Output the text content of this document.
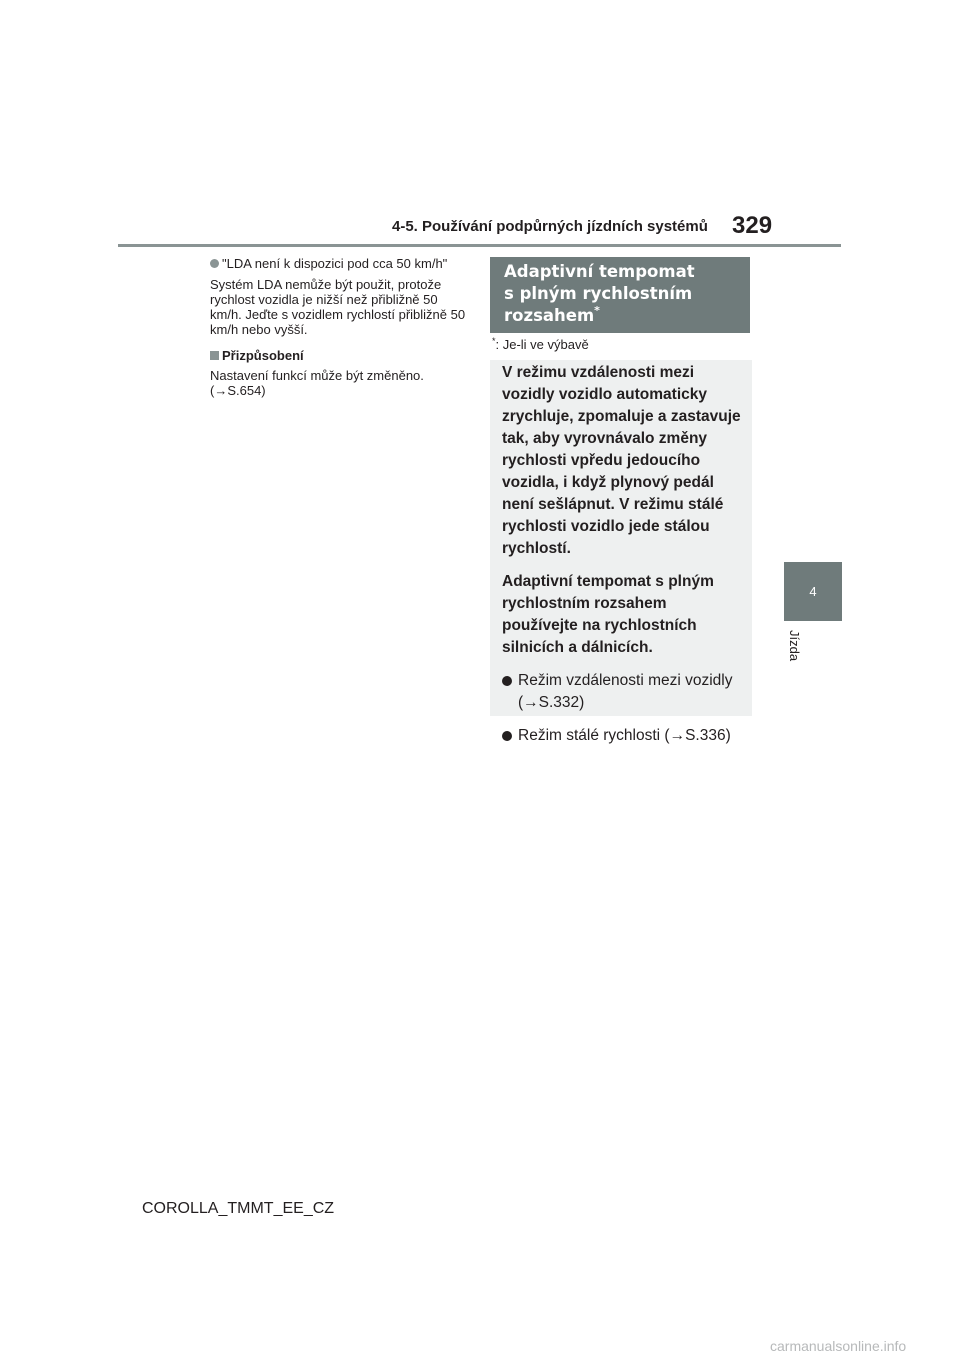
4-5. Používání podpůrných jízdních systémů 329

"LDA není k dispozici pod cca 50 km/h"

Systém LDA nemůže být použit, protože rychlost vozidla je nižší než přibližně 50 km/h. Jeďte s vozidlem rychlostí přibližně 50 km/h nebo vyšší.

Přizpůsobení

Nastavení funkcí může být změněno.
(→S.654)

Adaptivní tempomat
s plným rychlostním
rozsahem*
*: Je-li ve výbavě

V režimu vzdálenosti mezi vozidly vozidlo automaticky zrychluje, zpomaluje a zastavuje tak, aby vyrovnávalo změny rychlosti vpředu jedoucího vozidla, i když plynový pedál není sešlápnut. V režimu stálé rychlosti vozidlo jede stálou rychlostí.

Adaptivní tempomat s plným rychlostním rozsahem používejte na rychlostních silnicích a dálnicích.

Režim vzdálenosti mezi vozidly (→S.332)
Režim stálé rychlosti (→S.336)
4
Jízda
COROLLA_TMMT_EE_CZ
carmanualsonline.info
